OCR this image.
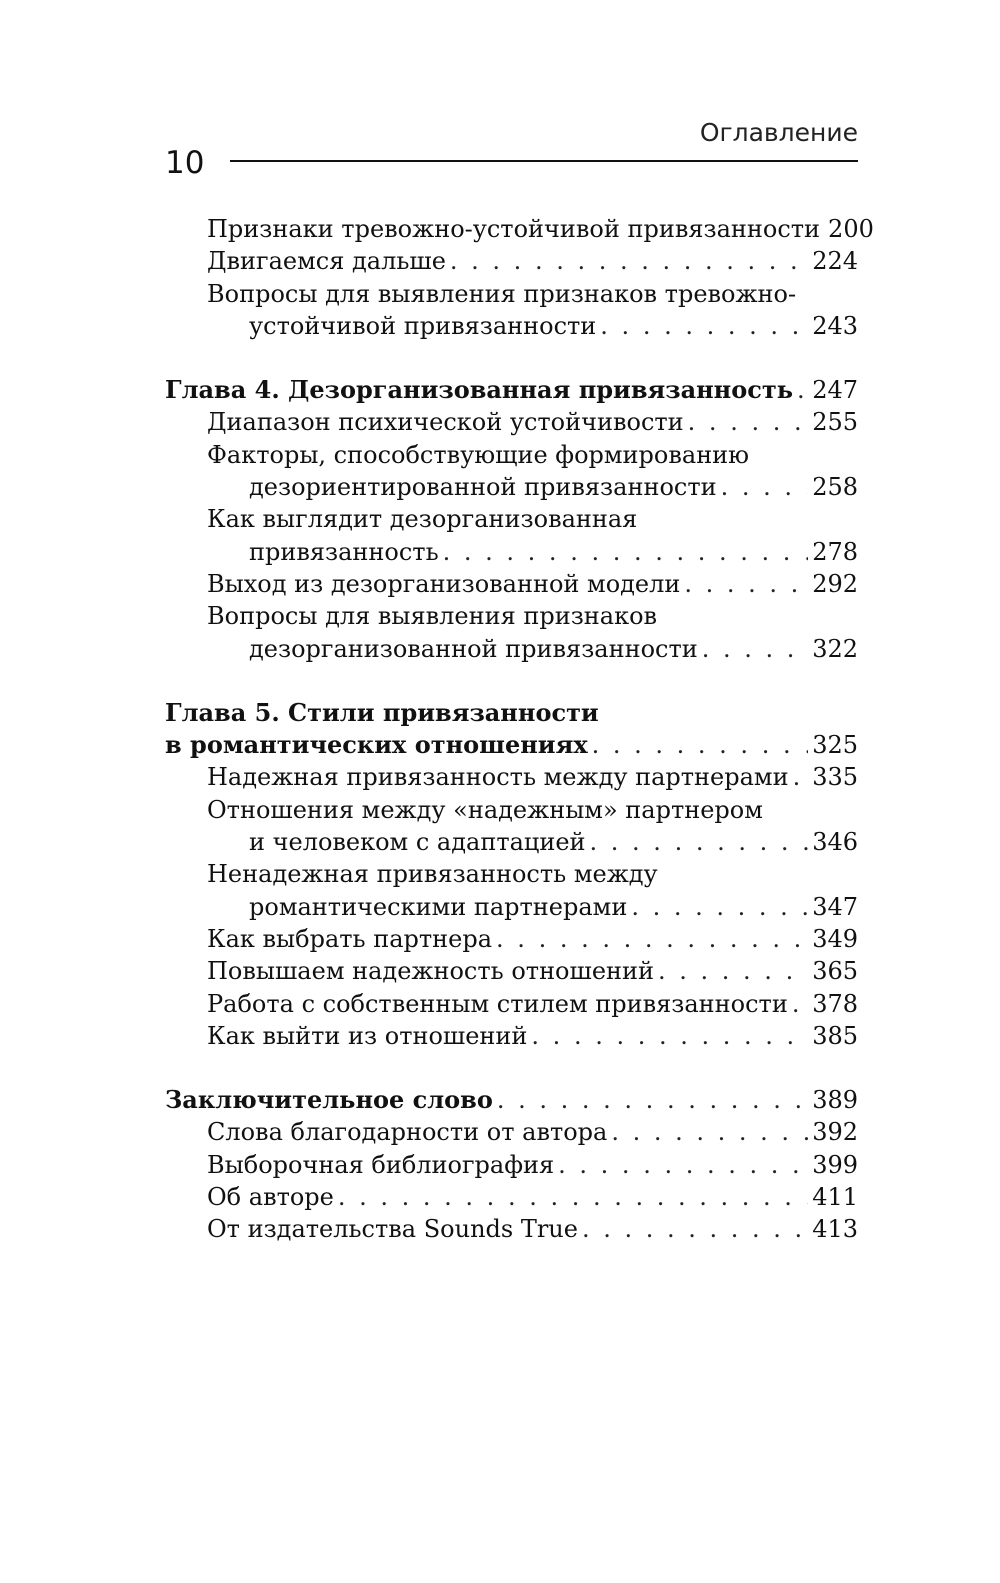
Оглавление
10
Признаки тревожно-устойчивой привязанности 200
Двигаемся дальше . . .	224
Вопросы для выявления признаков тревожно-
устойчивой привязанности . . .	243
Глава 4. Дезорганизованная привязанность . . . 247
Диапазон психической устойчивости . . .	255
Факторы, способствующие формированию
дезориентированной привязанности . . .	258
Как выглядит дезорганизованная
привязанность . . .	278
Выход из дезорганизованной модели . . .	292
Вопросы для выявления признаков
дезорганизованной привязанности . . .	322
Глава 5. Стили привязанности
в романтических отношениях . . .	325
Надежная привязанность между партнерами . . . 335
Отношения между «надежным» партнером
и человеком с адаптацией . . .	346
Ненадежная привязанность между
романтическими партнерами . . .	347
Как выбрать партнера . . .	349
Повышаем надежность отношений . . .	365
Работа с собственным стилем привязанности . . . 378
Как выйти из отношений . . .	385
Заключительное слово . . .	389
Слова благодарности от автора . . .	392
Выборочная библиография . . .	399
Об авторе . . .	411
От издательства Sounds True . . .	413
